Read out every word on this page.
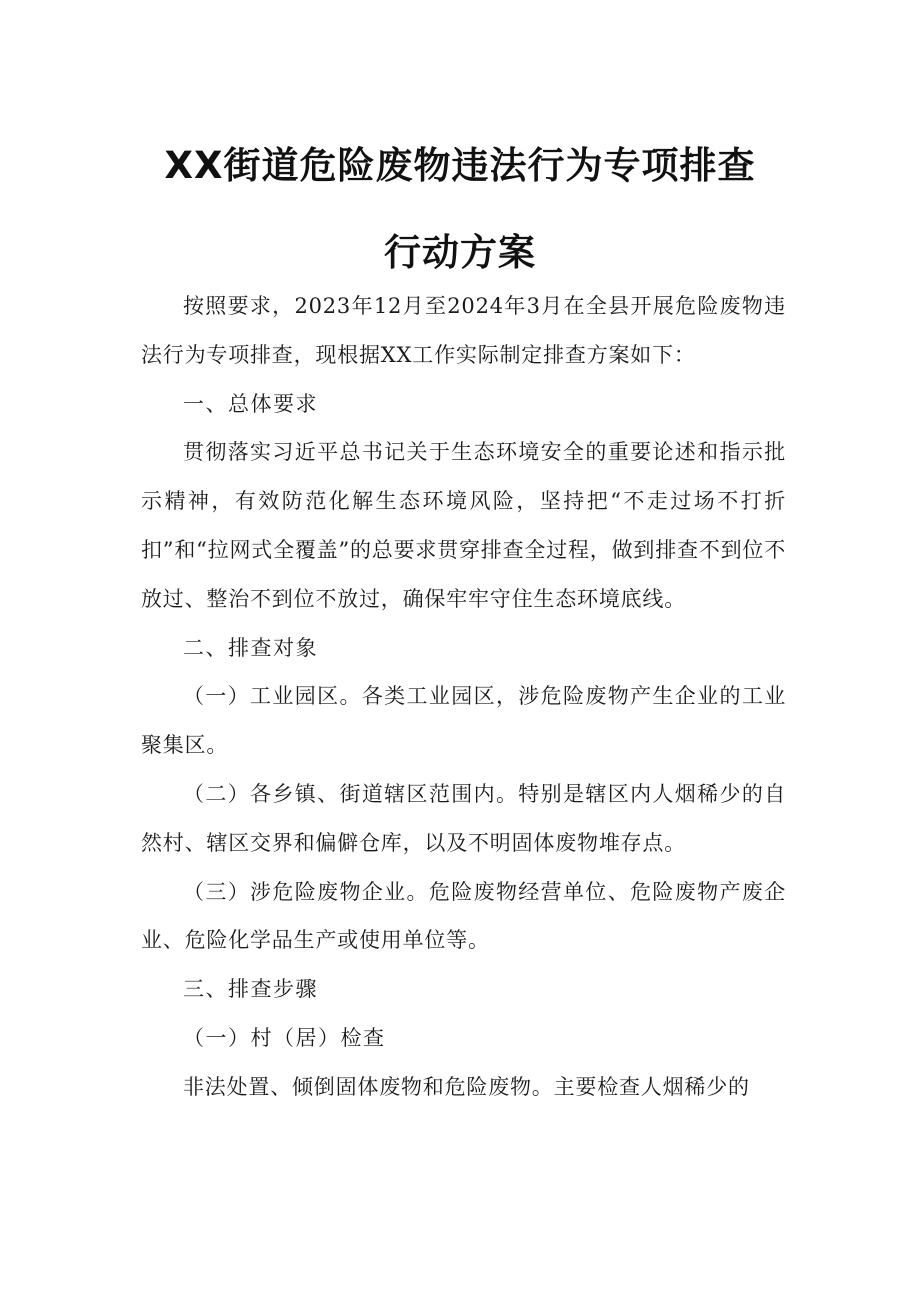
XX街道危险废物违法行为专项排查
行动方案

按照要求，2023年12月至2024年3月在全县开展危险废物违法行为专项排查，现根据XX工作实际制定排查方案如下：

一、总体要求

贯彻落实习近平总书记关于生态环境安全的重要论述和指示批示精神，有效防范化解生态环境风险，坚持把“不走过场不打折扣”和“拉网式全覆盖”的总要求贯穿排查全过程，做到排查不到位不放过、整治不到位不放过，确保牢牢守住生态环境底线。

二、排查对象

（一）工业园区。各类工业园区，涉危险废物产生企业的工业聚集区。

（二）各乡镇、街道辖区范围内。特别是辖区内人烟稀少的自然村、辖区交界和偏僻仓库，以及不明固体废物堆存点。

（三）涉危险废物企业。危险废物经营单位、危险废物产废企业、危险化学品生产或使用单位等。

三、排查步骤

（一）村（居）检查

非法处置、倾倒固体废物和危险废物。主要检查人烟稀少的
